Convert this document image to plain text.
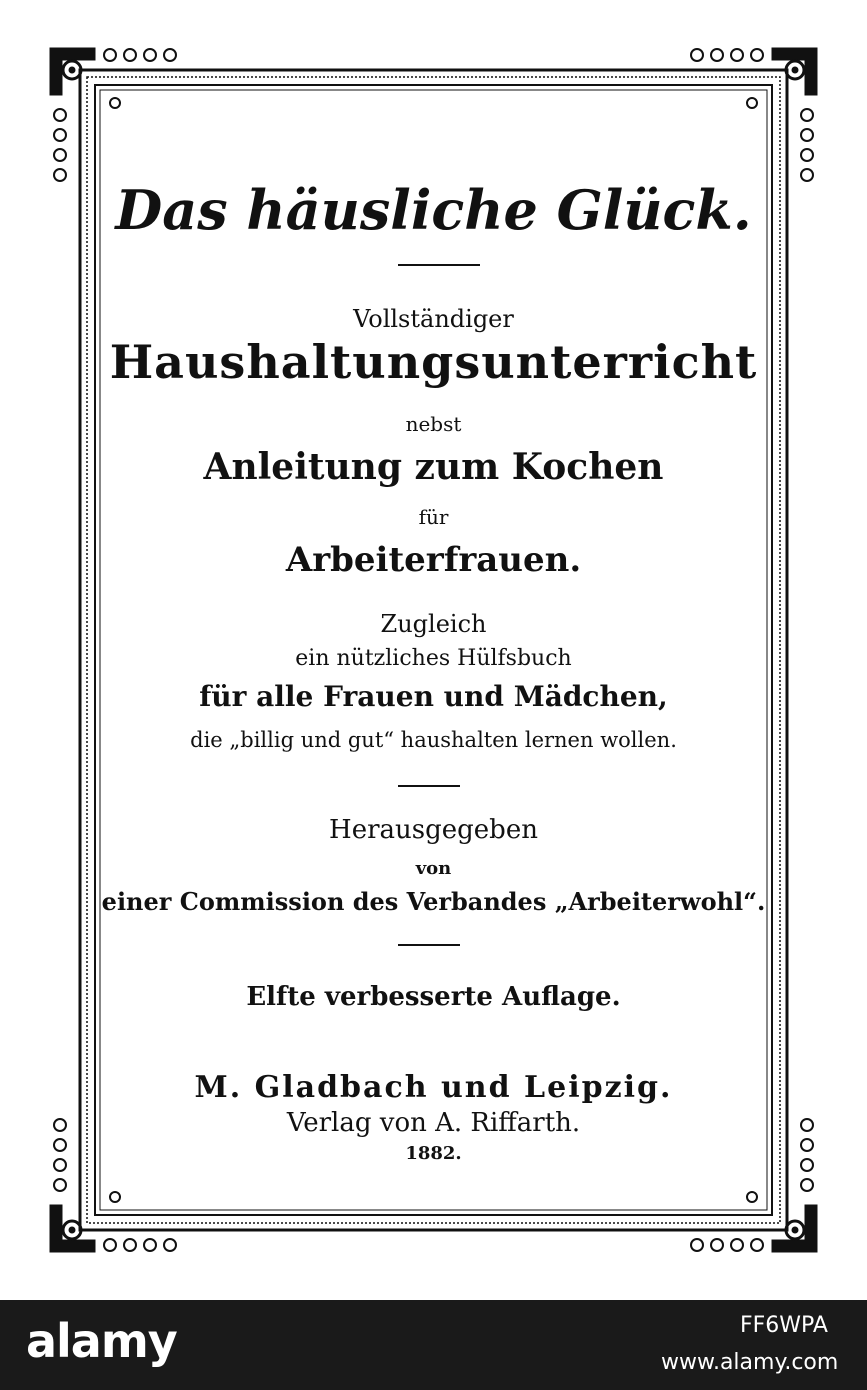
Das häusliche Glück.
Vollständiger
Haushaltungsunterricht
nebst
Anleitung zum Kochen
für
Arbeiterfrauen.
Zugleich
ein nützliches Hülfsbuch
für alle Frauen und Mädchen,
die „billig und gut“ haushalten lernen wollen.
Herausgegeben
von
einer Commission des Verbandes „Arbeiterwohl“.
Elfte verbesserte Auflage.
M. Gladbach und Leipzig.
Verlag von A. Riffarth.
1882.
alamy	FF6WPA
www.alamy.com
